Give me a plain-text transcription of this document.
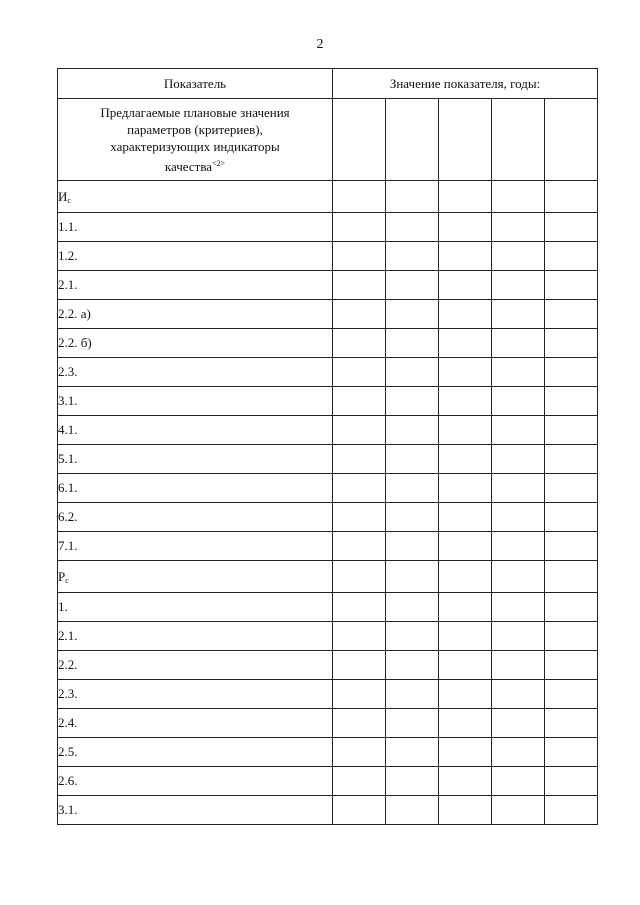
2
Показатель	Значение показателя, годы:				
Предлагаемые плановые значения
параметров (критериев),
характеризующих индикаторы
качества$^{<2>}$					
$И_с$					
1.1.					
1.2.					
2.1.					
2.2. а)					
2.2. б)					
2.3.					
3.1.					
4.1.					
5.1.					
6.1.					
6.2.					
7.1.					
$Р_с$					
1.					
2.1.					
2.2.					
2.3.					
2.4.					
2.5.					
2.6.					
3.1.					
